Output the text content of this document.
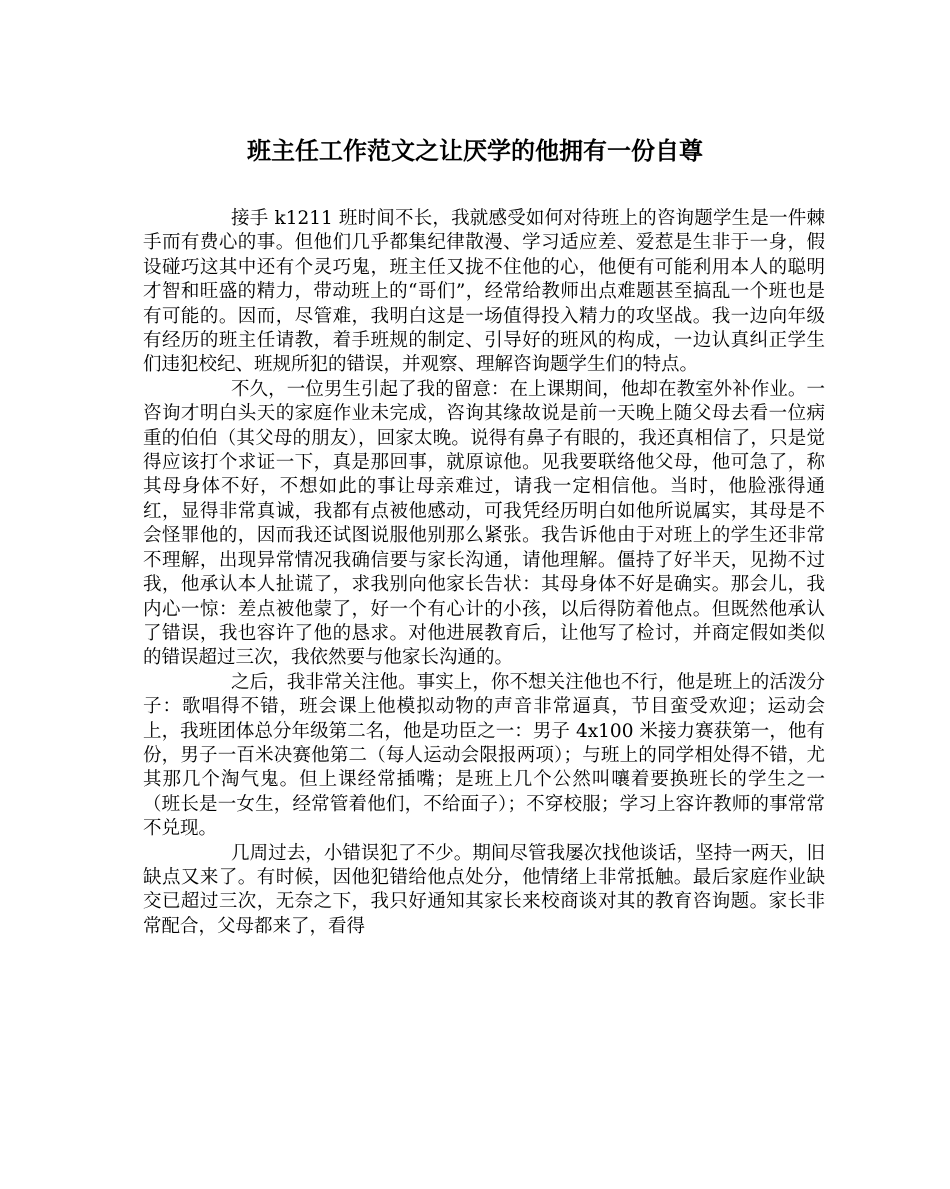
班主任工作范文之让厌学的他拥有一份自尊

接手 k1211 班时间不长，我就感受如何对待班上的咨询题学生是一件棘手而有费心的事。但他们几乎都集纪律散漫、学习适应差、爱惹是生非于一身，假设碰巧这其中还有个灵巧鬼，班主任又拢不住他的心，他便有可能利用本人的聪明才智和旺盛的精力，带动班上的“哥们”，经常给教师出点难题甚至搞乱一个班也是有可能的。因而，尽管难，我明白这是一场值得投入精力的攻坚战。我一边向年级有经历的班主任请教，着手班规的制定、引导好的班风的构成，一边认真纠正学生们违犯校纪、班规所犯的错误，并观察、理解咨询题学生们的特点。

不久，一位男生引起了我的留意：在上课期间，他却在教室外补作业。一咨询才明白头天的家庭作业未完成，咨询其缘故说是前一天晚上随父母去看一位病重的伯伯（其父母的朋友），回家太晚。说得有鼻子有眼的，我还真相信了，只是觉得应该打个求证一下，真是那回事，就原谅他。见我要联络他父母，他可急了，称其母身体不好，不想如此的事让母亲难过，请我一定相信他。当时，他脸涨得通红，显得非常真诚，我都有点被他感动，可我凭经历明白如他所说属实，其母是不会怪罪他的，因而我还试图说服他别那么紧张。我告诉他由于对班上的学生还非常不理解，出现异常情况我确信要与家长沟通，请他理解。僵持了好半天，见拗不过我，他承认本人扯谎了，求我别向他家长告状：其母身体不好是确实。那会儿，我内心一惊：差点被他蒙了，好一个有心计的小孩，以后得防着他点。但既然他承认了错误，我也容许了他的恳求。对他进展教育后，让他写了检讨，并商定假如类似的错误超过三次，我依然要与他家长沟通的。

之后，我非常关注他。事实上，你不想关注他也不行，他是班上的活泼分子：歌唱得不错，班会课上他模拟动物的声音非常逼真，节目蛮受欢迎；运动会上，我班团体总分年级第二名，他是功臣之一：男子 4x100 米接力赛获第一，他有份，男子一百米决赛他第二（每人运动会限报两项）；与班上的同学相处得不错，尤其那几个淘气鬼。但上课经常插嘴；是班上几个公然叫嚷着要换班长的学生之一（班长是一女生，经常管着他们，不给面子）；不穿校服；学习上容许教师的事常常不兑现。

几周过去，小错误犯了不少。期间尽管我屡次找他谈话，坚持一两天，旧缺点又来了。有时候，因他犯错给他点处分，他情绪上非常抵触。最后家庭作业缺交已超过三次，无奈之下，我只好通知其家长来校商谈对其的教育咨询题。家长非常配合，父母都来了，看得
